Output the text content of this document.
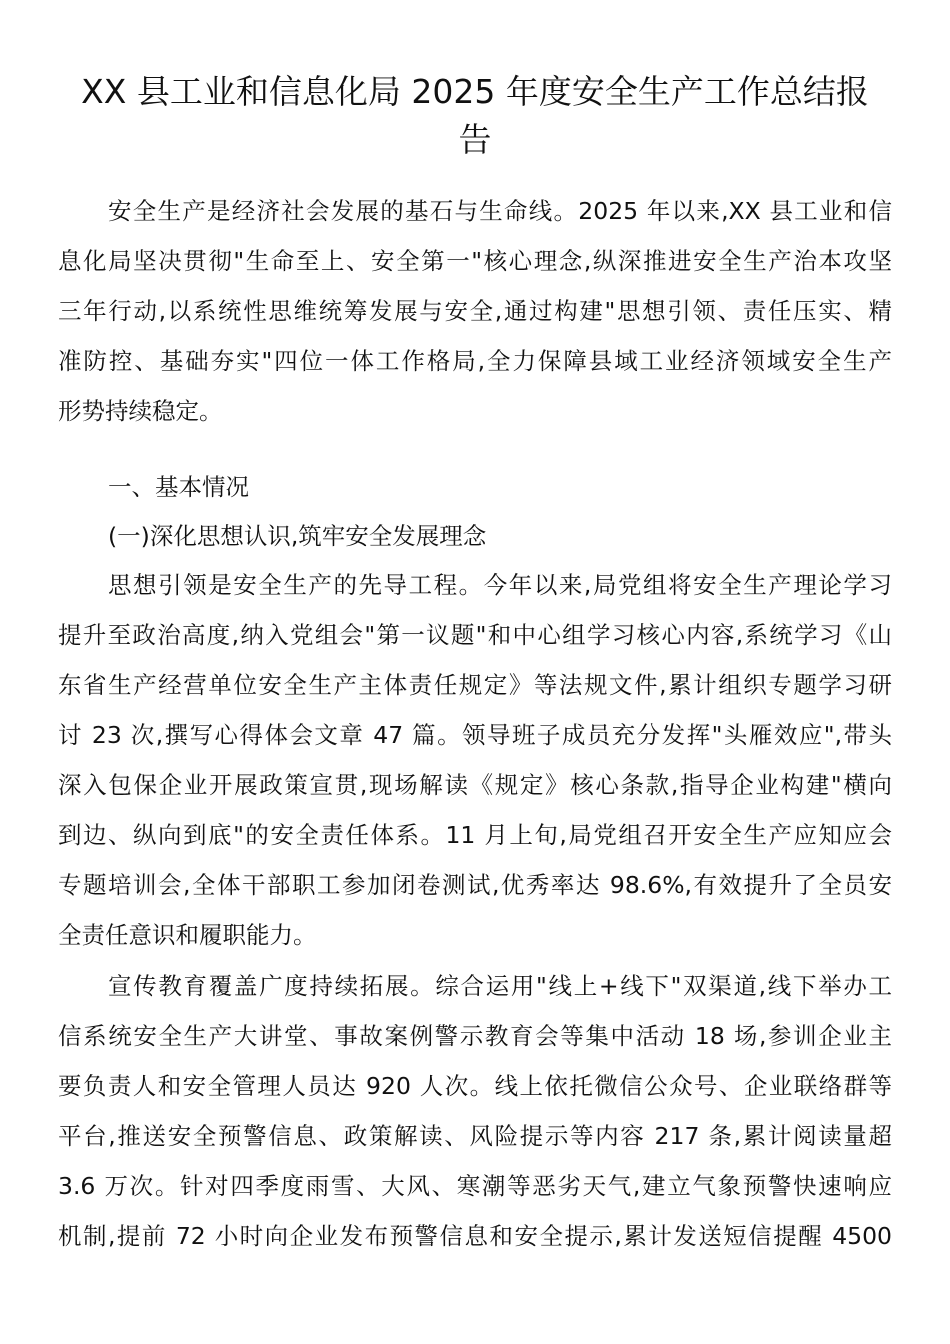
XX 县工业和信息化局 2025 年度安全生产工作总结报
告
安全生产是经济社会发展的基石与生命线。2025 年以来,XX 县工业和信
息化局坚决贯彻"生命至上、安全第一"核心理念,纵深推进安全生产治本攻坚
三年行动,以系统性思维统筹发展与安全,通过构建"思想引领、责任压实、精
准防控、基础夯实"四位一体工作格局,全力保障县域工业经济领域安全生产
形势持续稳定。
一、基本情况
(一)深化思想认识,筑牢安全发展理念
思想引领是安全生产的先导工程。今年以来,局党组将安全生产理论学习
提升至政治高度,纳入党组会"第一议题"和中心组学习核心内容,系统学习《山
东省生产经营单位安全生产主体责任规定》等法规文件,累计组织专题学习研
讨 23 次,撰写心得体会文章 47 篇。领导班子成员充分发挥"头雁效应",带头
深入包保企业开展政策宣贯,现场解读《规定》核心条款,指导企业构建"横向
到边、纵向到底"的安全责任体系。11 月上旬,局党组召开安全生产应知应会
专题培训会,全体干部职工参加闭卷测试,优秀率达 98.6%,有效提升了全员安
全责任意识和履职能力。
宣传教育覆盖广度持续拓展。综合运用"线上+线下"双渠道,线下举办工
信系统安全生产大讲堂、事故案例警示教育会等集中活动 18 场,参训企业主
要负责人和安全管理人员达 920 人次。线上依托微信公众号、企业联络群等
平台,推送安全预警信息、政策解读、风险提示等内容 217 条,累计阅读量超
3.6 万次。针对四季度雨雪、大风、寒潮等恶劣天气,建立气象预警快速响应
机制,提前 72 小时向企业发布预警信息和安全提示,累计发送短信提醒 4500
